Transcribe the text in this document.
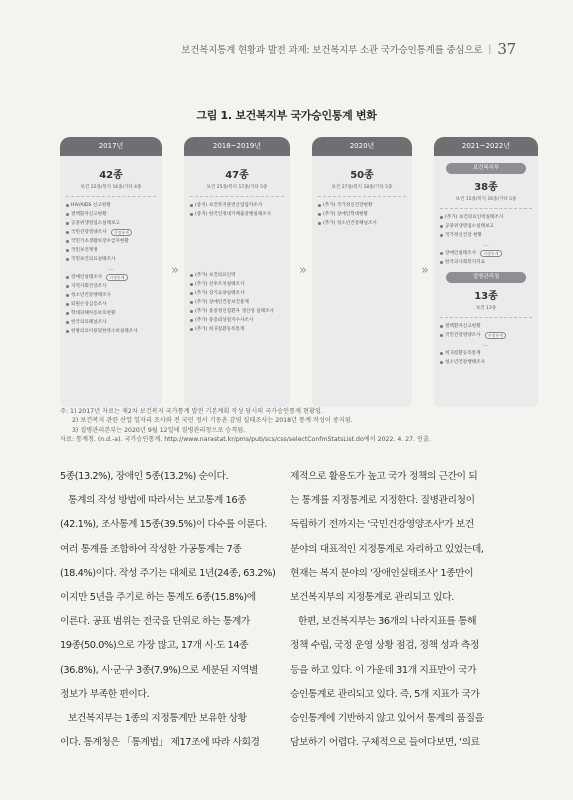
보건복지통계 현황과 발전 과제: 보건복지부 소관 국가승인통계를 중심으로 | 37
그림 1. 보건복지부 국가승인통계 변화
2017년
42종
보건 22종/복지 16종/기타 4종
HIV/AIDS 신고현황
결핵환자신고현황
공중위생영업소실태보고
국민건강영양조사	지정통계
국민기초생활보장수급자현황
국민보건계정
국민보건의료실태조사
...
장애인실태조사	지정통계
지역사회건강조사
청소년건강행태조사
퇴원손상심층조사
학대피해아동보호현황
한국의료패널조사
한방의료이용및한약소비실태조사
»
2018~2019년
47종
보건 25종/복지 17종/기타 5종
(중지) 보건복지관련산업업자조사
(중지) 한국인정대기배출강행실태조사
(추가) 보건의료인력
(추가) 선후조치실태조사
(추가) 장기요양실태조사
(추가) 장애인건강보건통계
(추가) 중증정신질환자 생산성 실태조사
(추가) 중증외상질지수사조사
(추가) 희귀질환등록통계
»
2020년
50종
보건 27종/복지 18종/기타 5종
(추가) 국가정신건강현황
(추가) 장애인학대현황
(추가) 청소년건강패널조사
»
2021~2022년
보건복지부
38종
보건 15종/복지 16종/기타 5종
(추가) 보건의료인력실태조사
공중위생영업소실태보고
국가정신건강 현황
...
장애인실태조사	지정통계
한국의사회복지지표
질병관리청
13종
보건 13종
결핵환자신고현황
국민건강영양조사	지정통계
...
희귀질환등록통계
청소년건강행태조사
주: 1) 2017년 자료는 제2차 보건복지 국가통계 발전 기본계획 작성 당시의 국가승인통계 현황임.
2) 보건복지 관련 산업 일자리 조사와 전 국민 정서 기동촌 감염 실태조사는 2018년 통계 작성이 중지됨.
3) 질병관리본부는 2020년 9월 12일에 질병관리청으로 승격됨.
자료: 통계청. (n.d.-a). 국가승인통계. http://www.narastat.kr/pms/pub/scs/css/selectConfmStatsList.do에서 2022. 4. 27. 인출.
5종(13.2%), 장애인 5종(13.2%) 순이다.
통계의 작성 방법에 따라서는 보고통계 16종
(42.1%), 조사통계 15종(39.5%)이 다수를 이룬다.
여러 통계를 조합하여 작성한 가공통계는 7종
(18.4%)이다. 작성 주기는 대체로 1년(24종, 63.2%)
이지만 5년을 주기로 하는 통계도 6종(15.8%)에
이른다. 공표 범위는 전국을 단위로 하는 통계가
19종(50.0%)으로 가장 많고, 17개 시·도 14종
(36.8%), 시·군·구 3종(7.9%)으로 세분된 지역별
정보가 부족한 편이다.
보건복지부는 1종의 지정통계만 보유한 상황
이다. 통계청은 「통계법」 제17조에 따라 사회경
제적으로 활용도가 높고 국가 정책의 근간이 되
는 통계를 지정통계로 지정한다. 질병관리청이
독립하기 전까지는 '국민건강영양조사'가 보건
분야의 대표적인 지정통계로 자리하고 있었는데,
현재는 복지 분야의 '장애인실태조사' 1종만이
보건복지부의 지정통계로 관리되고 있다.
한편, 보건복지부는 36개의 나라지표를 통해
정책 수립, 국정 운영 상황 점검, 정책 성과 측정
등을 하고 있다. 이 가운데 31개 지표만이 국가
승인통계로 관리되고 있다. 즉, 5개 지표가 국가
승인통계에 기반하지 않고 있어서 통계의 품질을
담보하기 어렵다. 구체적으로 들여다보면, '의료
